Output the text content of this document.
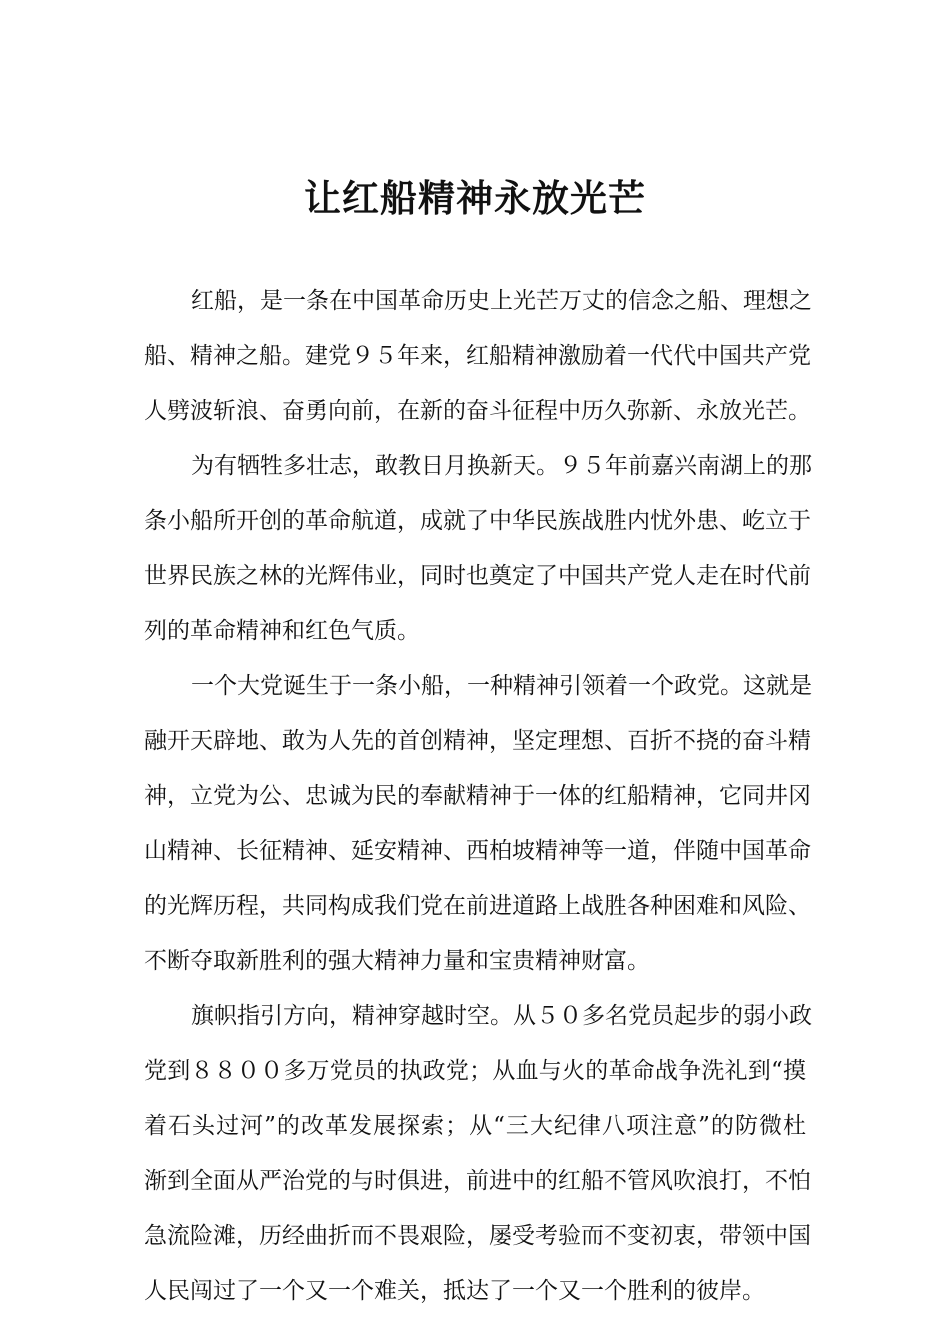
让红船精神永放光芒
红船，是一条在中国革命历史上光芒万丈的信念之船、理想之
船、精神之船。建党９５年来，红船精神激励着一代代中国共产党
人劈波斩浪、奋勇向前，在新的奋斗征程中历久弥新、永放光芒。
为有牺牲多壮志，敢教日月换新天。９５年前嘉兴南湖上的那
条小船所开创的革命航道，成就了中华民族战胜内忧外患、屹立于
世界民族之林的光辉伟业，同时也奠定了中国共产党人走在时代前
列的革命精神和红色气质。
一个大党诞生于一条小船，一种精神引领着一个政党。这就是
融开天辟地、敢为人先的首创精神，坚定理想、百折不挠的奋斗精
神，立党为公、忠诚为民的奉献精神于一体的红船精神，它同井冈
山精神、长征精神、延安精神、西柏坡精神等一道，伴随中国革命
的光辉历程，共同构成我们党在前进道路上战胜各种困难和风险、
不断夺取新胜利的强大精神力量和宝贵精神财富。
旗帜指引方向，精神穿越时空。从５０多名党员起步的弱小政
党到８８００多万党员的执政党；从血与火的革命战争洗礼到“摸
着石头过河”的改革发展探索；从“三大纪律八项注意”的防微杜
渐到全面从严治党的与时俱进，前进中的红船不管风吹浪打，不怕
急流险滩，历经曲折而不畏艰险，屡受考验而不变初衷，带领中国
人民闯过了一个又一个难关，抵达了一个又一个胜利的彼岸。
